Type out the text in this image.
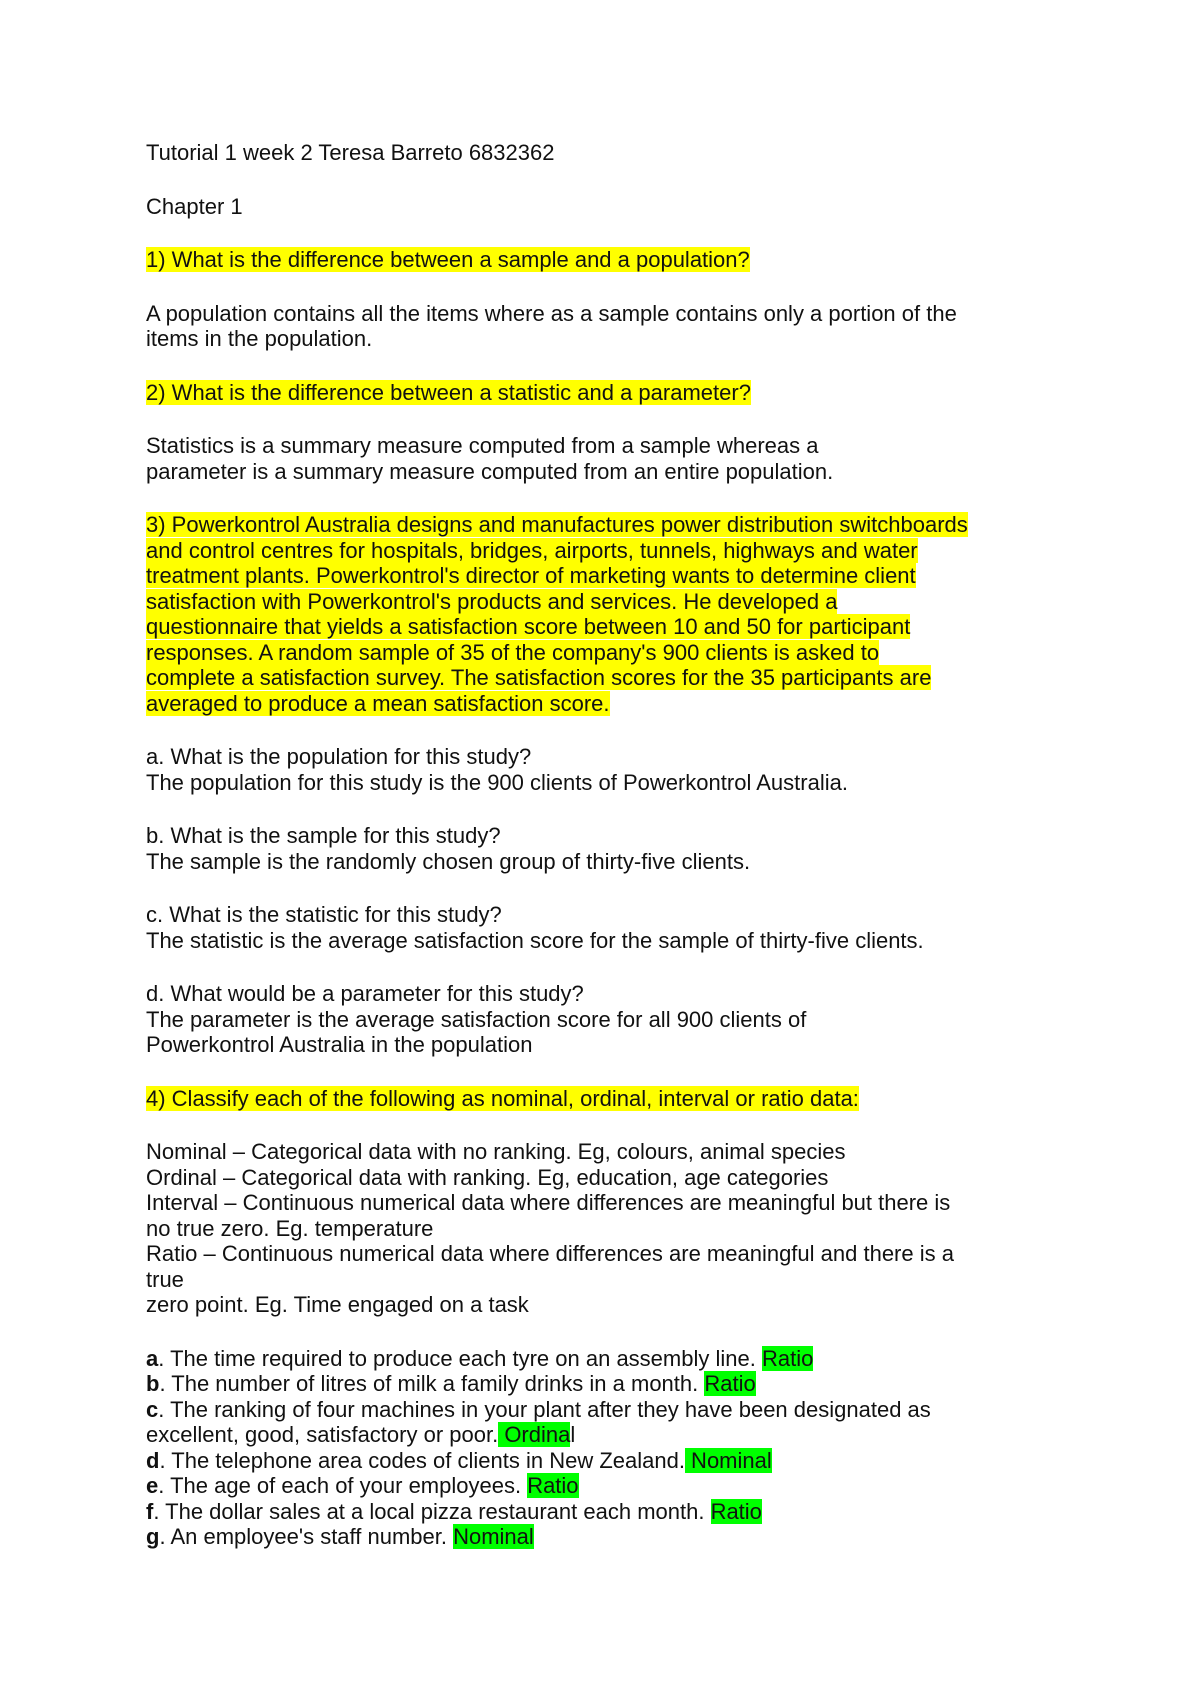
Tutorial 1 week 2 Teresa Barreto 6832362
Chapter 1
1) What is the difference between a sample and a population?
A population contains all the items where as a sample contains only a portion of the
items in the population.
2) What is the difference between a statistic and a parameter?
Statistics is a summary measure computed from a sample whereas a
parameter is a summary measure computed from an entire population.
3) Powerkontrol Australia designs and manufactures power distribution switchboards
and control centres for hospitals, bridges, airports, tunnels, highways and water
treatment plants. Powerkontrol's director of marketing wants to determine client
satisfaction with Powerkontrol's products and services. He developed a
questionnaire that yields a satisfaction score between 10 and 50 for participant
responses. A random sample of 35 of the company's 900 clients is asked to
complete a satisfaction survey. The satisfaction scores for the 35 participants are
averaged to produce a mean satisfaction score.
a. What is the population for this study?
The population for this study is the 900 clients of Powerkontrol Australia.
b. What is the sample for this study?
The sample is the randomly chosen group of thirty-five clients.
c. What is the statistic for this study?
The statistic is the average satisfaction score for the sample of thirty-five clients.
d. What would be a parameter for this study?
The parameter is the average satisfaction score for all 900 clients of
Powerkontrol Australia in the population
4) Classify each of the following as nominal, ordinal, interval or ratio data:
Nominal – Categorical data with no ranking. Eg, colours, animal species
Ordinal – Categorical data with ranking. Eg, education, age categories
Interval – Continuous numerical data where differences are meaningful but there is
no true zero. Eg. temperature
Ratio – Continuous numerical data where differences are meaningful and there is a
true
zero point. Eg. Time engaged on a task
a. The time required to produce each tyre on an assembly line. Ratio
b. The number of litres of milk a family drinks in a month. Ratio
c. The ranking of four machines in your plant after they have been designated as
excellent, good, satisfactory or poor. Ordinal
d. The telephone area codes of clients in New Zealand. Nominal
e. The age of each of your employees. Ratio
f. The dollar sales at a local pizza restaurant each month. Ratio
g. An employee's staff number. Nominal
